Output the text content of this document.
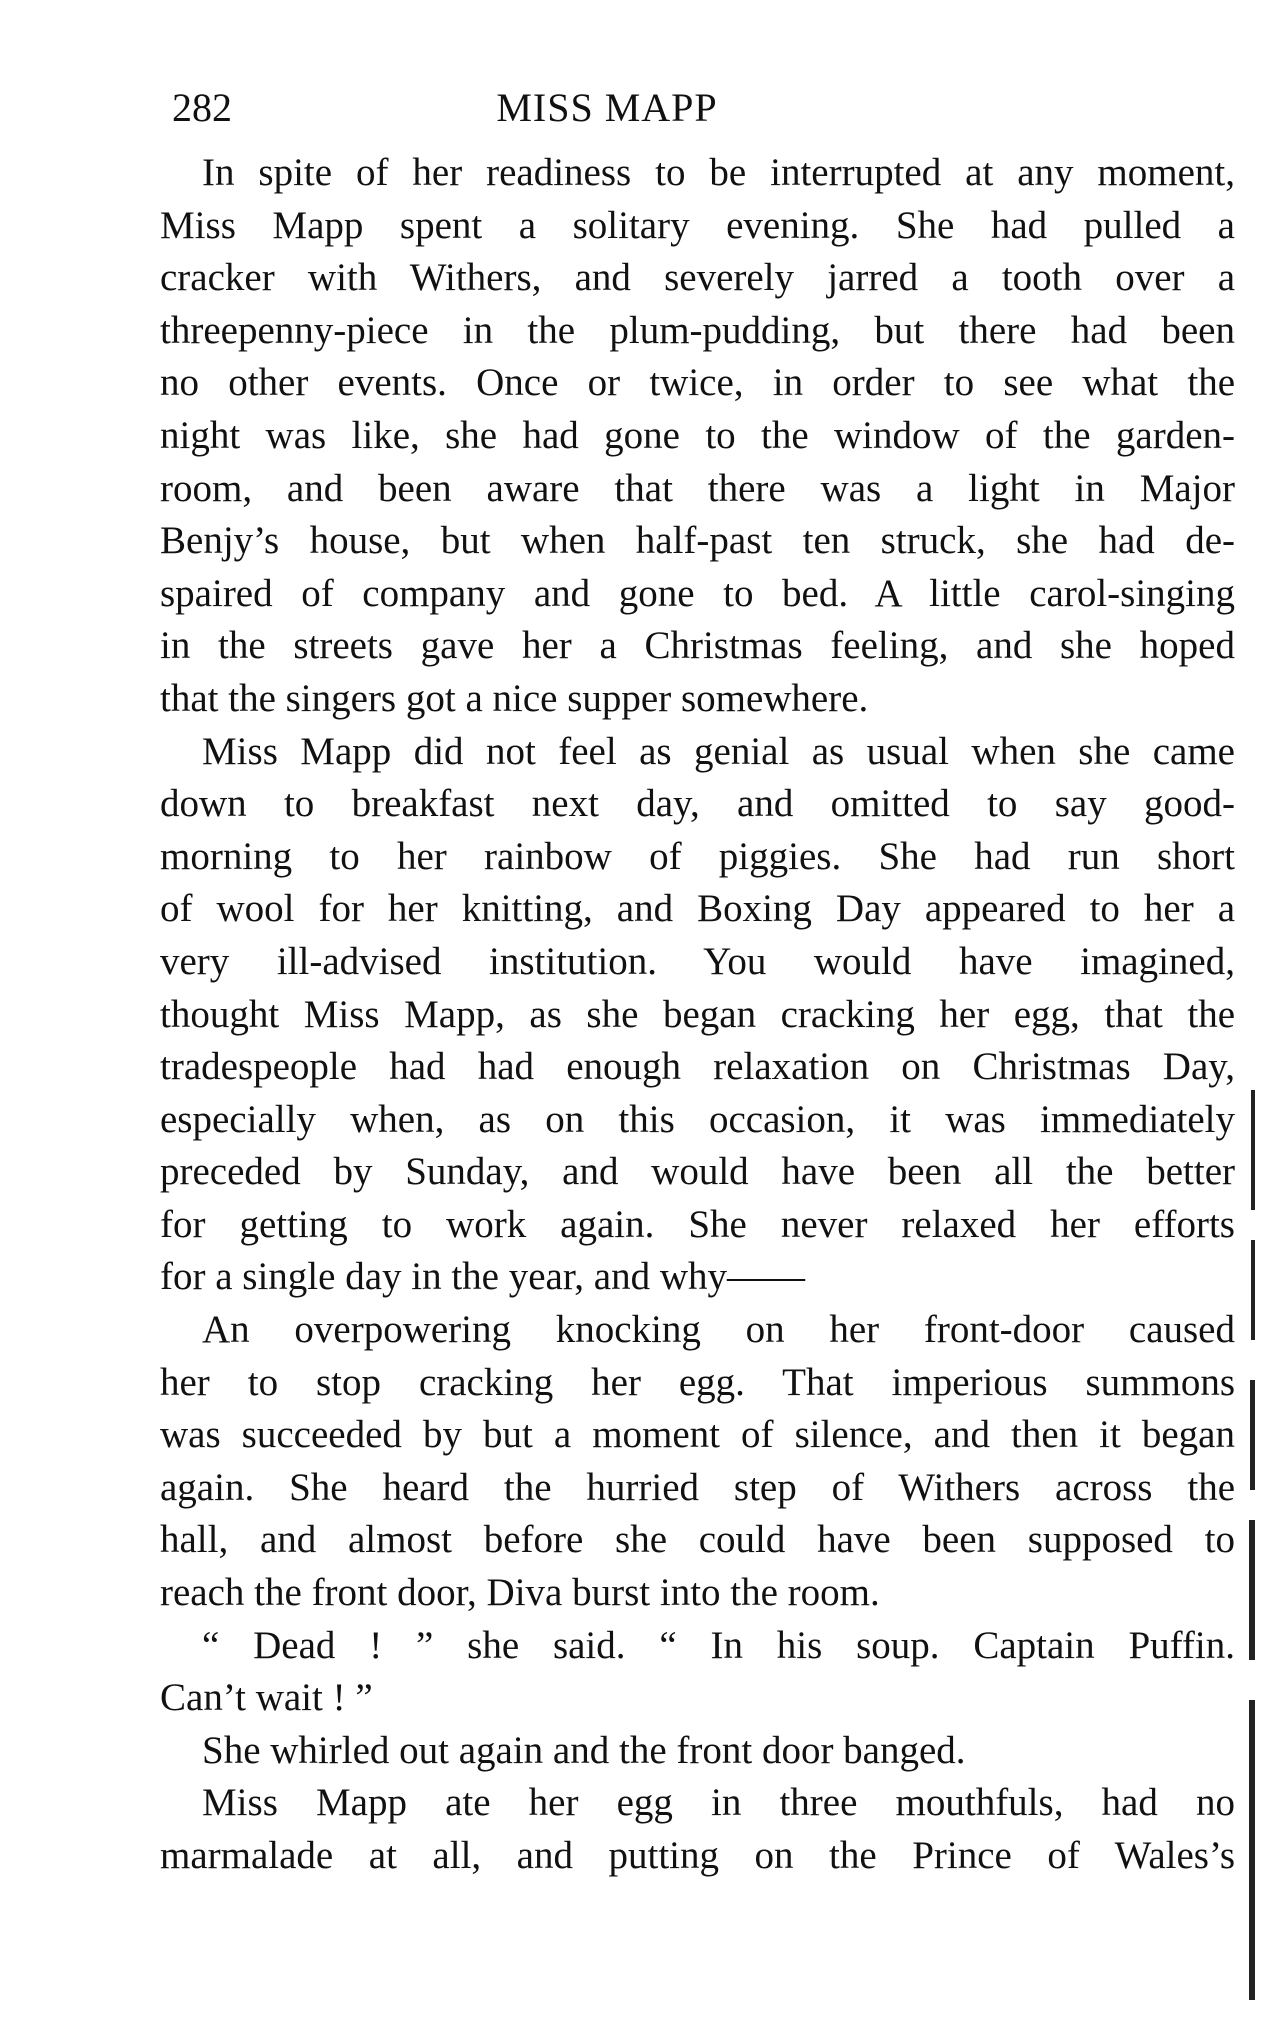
282	MISS MAPP

In spite of her readiness to be interrupted at any moment,
Miss Mapp spent a solitary evening. She had pulled a
cracker with Withers, and severely jarred a tooth over a
threepenny-piece in the plum-pudding, but there had been
no other events. Once or twice, in order to see what the
night was like, she had gone to the window of the garden-
room, and been aware that there was a light in Major
Benjy’s house, but when half-past ten struck, she had de-
spaired of company and gone to bed. A little carol-singing
in the streets gave her a Christmas feeling, and she hoped
that the singers got a nice supper somewhere.

Miss Mapp did not feel as genial as usual when she came
down to breakfast next day, and omitted to say good-
morning to her rainbow of piggies. She had run short
of wool for her knitting, and Boxing Day appeared to her a
very ill-advised institution. You would have imagined,
thought Miss Mapp, as she began cracking her egg, that the
tradespeople had had enough relaxation on Christmas Day,
especially when, as on this occasion, it was immediately
preceded by Sunday, and would have been all the better
for getting to work again. She never relaxed her efforts
for a single day in the year, and why——

An overpowering knocking on her front-door caused
her to stop cracking her egg. That imperious summons
was succeeded by but a moment of silence, and then it began
again. She heard the hurried step of Withers across the
hall, and almost before she could have been supposed to
reach the front door, Diva burst into the room.

“ Dead ! ” she said. “ In his soup. Captain Puffin.
Can’t wait ! ”

She whirled out again and the front door banged.

Miss Mapp ate her egg in three mouthfuls, had no
marmalade at all, and putting on the Prince of Wales’s
